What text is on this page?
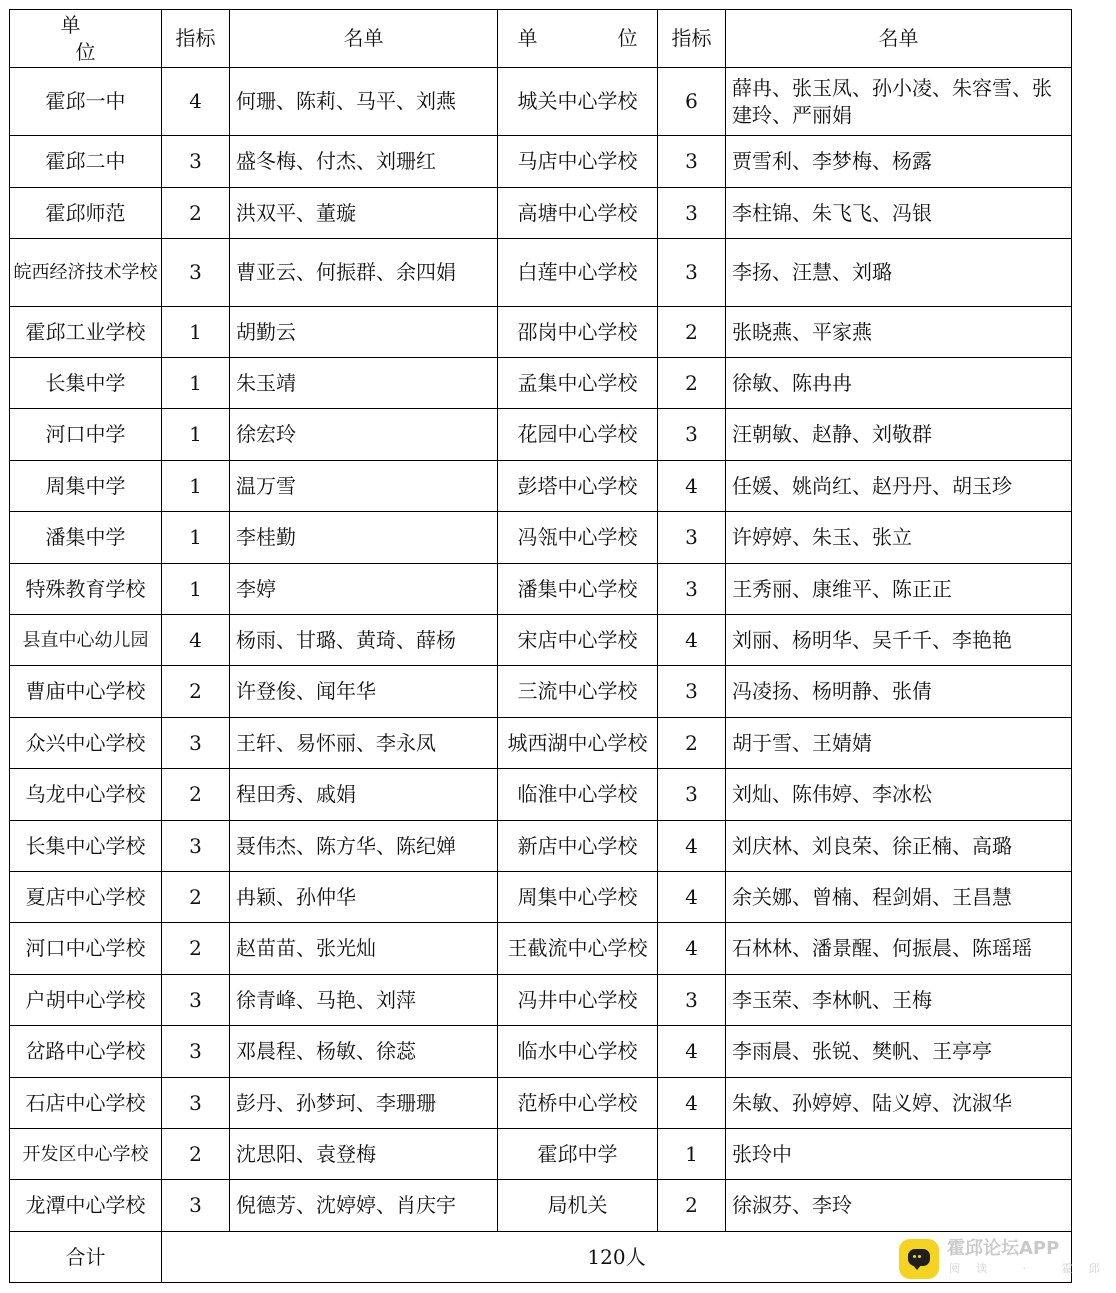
单　位	指标	名单	单　位	指标	名单
霍邱一中	4	何珊、陈莉、马平、刘燕	城关中心学校	6	薛冉、张玉凤、孙小凌、朱容雪、张建玲、严丽娟
霍邱二中	3	盛冬梅、付杰、刘珊红	马店中心学校	3	贾雪利、李梦梅、杨露
霍邱师范	2	洪双平、董璇	高塘中心学校	3	李柱锦、朱飞飞、冯银
皖西经济技术学校	3	曹亚云、何振群、余四娟	白莲中心学校	3	李扬、汪慧、刘璐
霍邱工业学校	1	胡勤云	邵岗中心学校	2	张晓燕、平家燕
长集中学	1	朱玉靖	孟集中心学校	2	徐敏、陈冉冉
河口中学	1	徐宏玲	花园中心学校	3	汪朝敏、赵静、刘敬群
周集中学	1	温万雪	彭塔中心学校	4	任媛、姚尚红、赵丹丹、胡玉珍
潘集中学	1	李桂勤	冯瓴中心学校	3	许婷婷、朱玉、张立
特殊教育学校	1	李婷	潘集中心学校	3	王秀丽、康维平、陈正正
县直中心幼儿园	4	杨雨、甘璐、黄琦、薛杨	宋店中心学校	4	刘丽、杨明华、吴千千、李艳艳
曹庙中心学校	2	许登俊、闻年华	三流中心学校	3	冯凌扬、杨明静、张倩
众兴中心学校	3	王轩、易怀丽、李永凤	城西湖中心学校	2	胡于雪、王婧婧
乌龙中心学校	2	程田秀、戚娟	临淮中心学校	3	刘灿、陈伟婷、李冰松
长集中心学校	3	聂伟杰、陈方华、陈纪婵	新店中心学校	4	刘庆林、刘良荣、徐正楠、高璐
夏店中心学校	2	冉颖、孙仲华	周集中心学校	4	余关娜、曾楠、程剑娟、王昌慧
河口中心学校	2	赵苗苗、张光灿	王截流中心学校	4	石林林、潘景醒、何振晨、陈瑶瑶
户胡中心学校	3	徐青峰、马艳、刘萍	冯井中心学校	3	李玉荣、李林帆、王梅
岔路中心学校	3	邓晨程、杨敏、徐蕊	临水中心学校	4	李雨晨、张锐、樊帆、王亭亭
石店中心学校	3	彭丹、孙梦珂、李珊珊	范桥中心学校	4	朱敏、孙婷婷、陆义婷、沈淑华
开发区中心学校	2	沈思阳、袁登梅	霍邱中学	1	张玲中
龙潭中心学校	3	倪德芳、沈婷婷、肖庆宇	局机关	2	徐淑芬、李玲
合计	120人					霍邱论坛APP
阅读 · 霍邱
